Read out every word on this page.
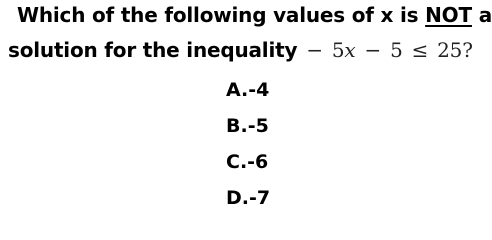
Which of the following values of x is NOT a
solution for the inequality − 5x − 5 ≤ 25?
A.-4
B.-5
C.-6
D.-7
